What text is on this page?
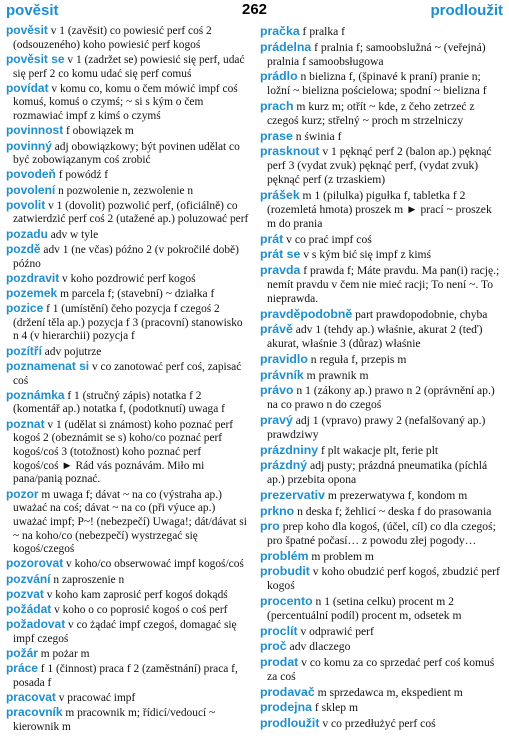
pověsit	262	prodloužit
pověsit v 1 (zavěsit) co powiesić perf coś 2 (odsouzeného) koho powiesić perf kogoś
pověsit se v 1 (zadržet se) powiesić się perf, udać się perf 2 co komu udać się perf comuś
povídat v komu co, komu o čem mówić impf coś komuś, komuś o czymś; ~ si s kým o čem rozmawiać impf z kimś o czymś
povinnost f obowiązek m
povinný adj obowiązkowy; být povinen udělat co być zobowiązanym coś zrobić
povodeň f powódź f
povolení n pozwolenie n, zezwolenie n
povolit v 1 (dovolit) pozwolić perf, (oficiálně) co zatwierdzić perf coś 2 (utažené ap.) poluzować perf
pozadu adv w tyle
pozdě adv 1 (ne včas) późno 2 (v pokročilé době) późno
pozdravit v koho pozdrowić perf kogoś
pozemek m parcela f; (stavební) ~ działka f
pozice f 1 (umístění) čeho pozycja f czegoś 2 (držení těla ap.) pozycja f 3 (pracovní) stanowisko n 4 (v hierarchii) pozycja f
pozítří adv pojutrze
poznamenat si v co zanotować perf coś, zapisać coś
poznámka f 1 (stručný zápis) notatka f 2 (komentář ap.) notatka f, (podotknutí) uwaga f
poznat v 1 (udělat si známost) koho poznać perf kogoś 2 (obeznámit se s) koho/co poznać perf kogoś/coś 3 (totožnost) koho poznać perf kogoś/coś ► Rád vás poznávám. Miło mi pana/panią poznać.
pozor m uwaga f; dávat ~ na co (výstraha ap.) uważać na coś; dávat ~ na co (při výuce ap.) uważać impf; P~! (nebezpečí) Uwaga!; dát/dávat si ~ na koho/co (nebezpečí) wystrzegać się kogoś/czegoś
pozorovat v koho/co obserwować impf kogoś/coś
pozvání n zaproszenie n
pozvat v koho kam zaprosić perf kogoś dokądś
požádat v koho o co poprosić kogoś o coś perf
požadovat v co żądać impf czegoś, domagać się impf czegoś
požár m pożar m
práce f 1 (činnost) praca f 2 (zaměstnání) praca f, posada f
pracovat v pracować impf
pracovník m pracownik m; řídicí/vedoucí ~ kierownik m
pračka f pralka f
prádelna f pralnia f; samoobslužná ~ (veřejná) pralnia f samoobsługowa
prádlo n bielizna f, (špinavé k praní) pranie n; ložní ~ bielizna pościelowa; spodní ~ bielizna f
prach m kurz m; otřít ~ kde, z čeho zetrzeć z czegoś kurz; střelný ~ proch m strzelniczy
prase n świnia f
prasknout v 1 pęknąć perf 2 (balon ap.) pęknąć perf 3 (vydat zvuk) pęknąć perf, (vydat zvuk) pęknąć perf (z trzaskiem)
prášek m 1 (pilulka) pigułka f, tabletka f 2 (rozemletá hmota) proszek m ► prací ~ proszek m do prania
prát v co prać impf coś
prát se v s kým bić się impf z kimś
pravda f prawda f; Máte pravdu. Ma pan(i) rację.; nemít pravdu v čem nie mieć racji; To není ~. To nieprawda.
pravděpodobně part prawdopodobnie, chyba
právě adv 1 (tehdy ap.) właśnie, akurat 2 (teď) akurat, właśnie 3 (důraz) właśnie
pravidlo n reguła f, przepis m
právník m prawnik m
právo n 1 (zákony ap.) prawo n 2 (oprávnění ap.) na co prawo n do czegoś
pravý adj 1 (vpravo) prawy 2 (nefalšovaný ap.) prawdziwy
prázdniny f plt wakacje plt, ferie plt
prázdný adj pusty; prázdná pneumatika (píchlá ap.) przebita opona
prezervativ m prezerwatywa f, kondom m
prkno n deska f; žehlicí ~ deska f do prasowania
pro prep koho dla kogoś, (účel, cíl) co dla czegoś; pro špatné počasí… z powodu złej pogody…
problém m problem m
probudit v koho obudzić perf kogoś, zbudzić perf kogoś
procento n 1 (setina celku) procent m 2 (percentuální podíl) procent m, odsetek m
proclít v odprawić perf
proč adv dlaczego
prodat v co komu za co sprzedać perf coś komuś za coś
prodavač m sprzedawca m, ekspedient m
prodejna f sklep m
prodloužit v co przedłużyć perf coś
